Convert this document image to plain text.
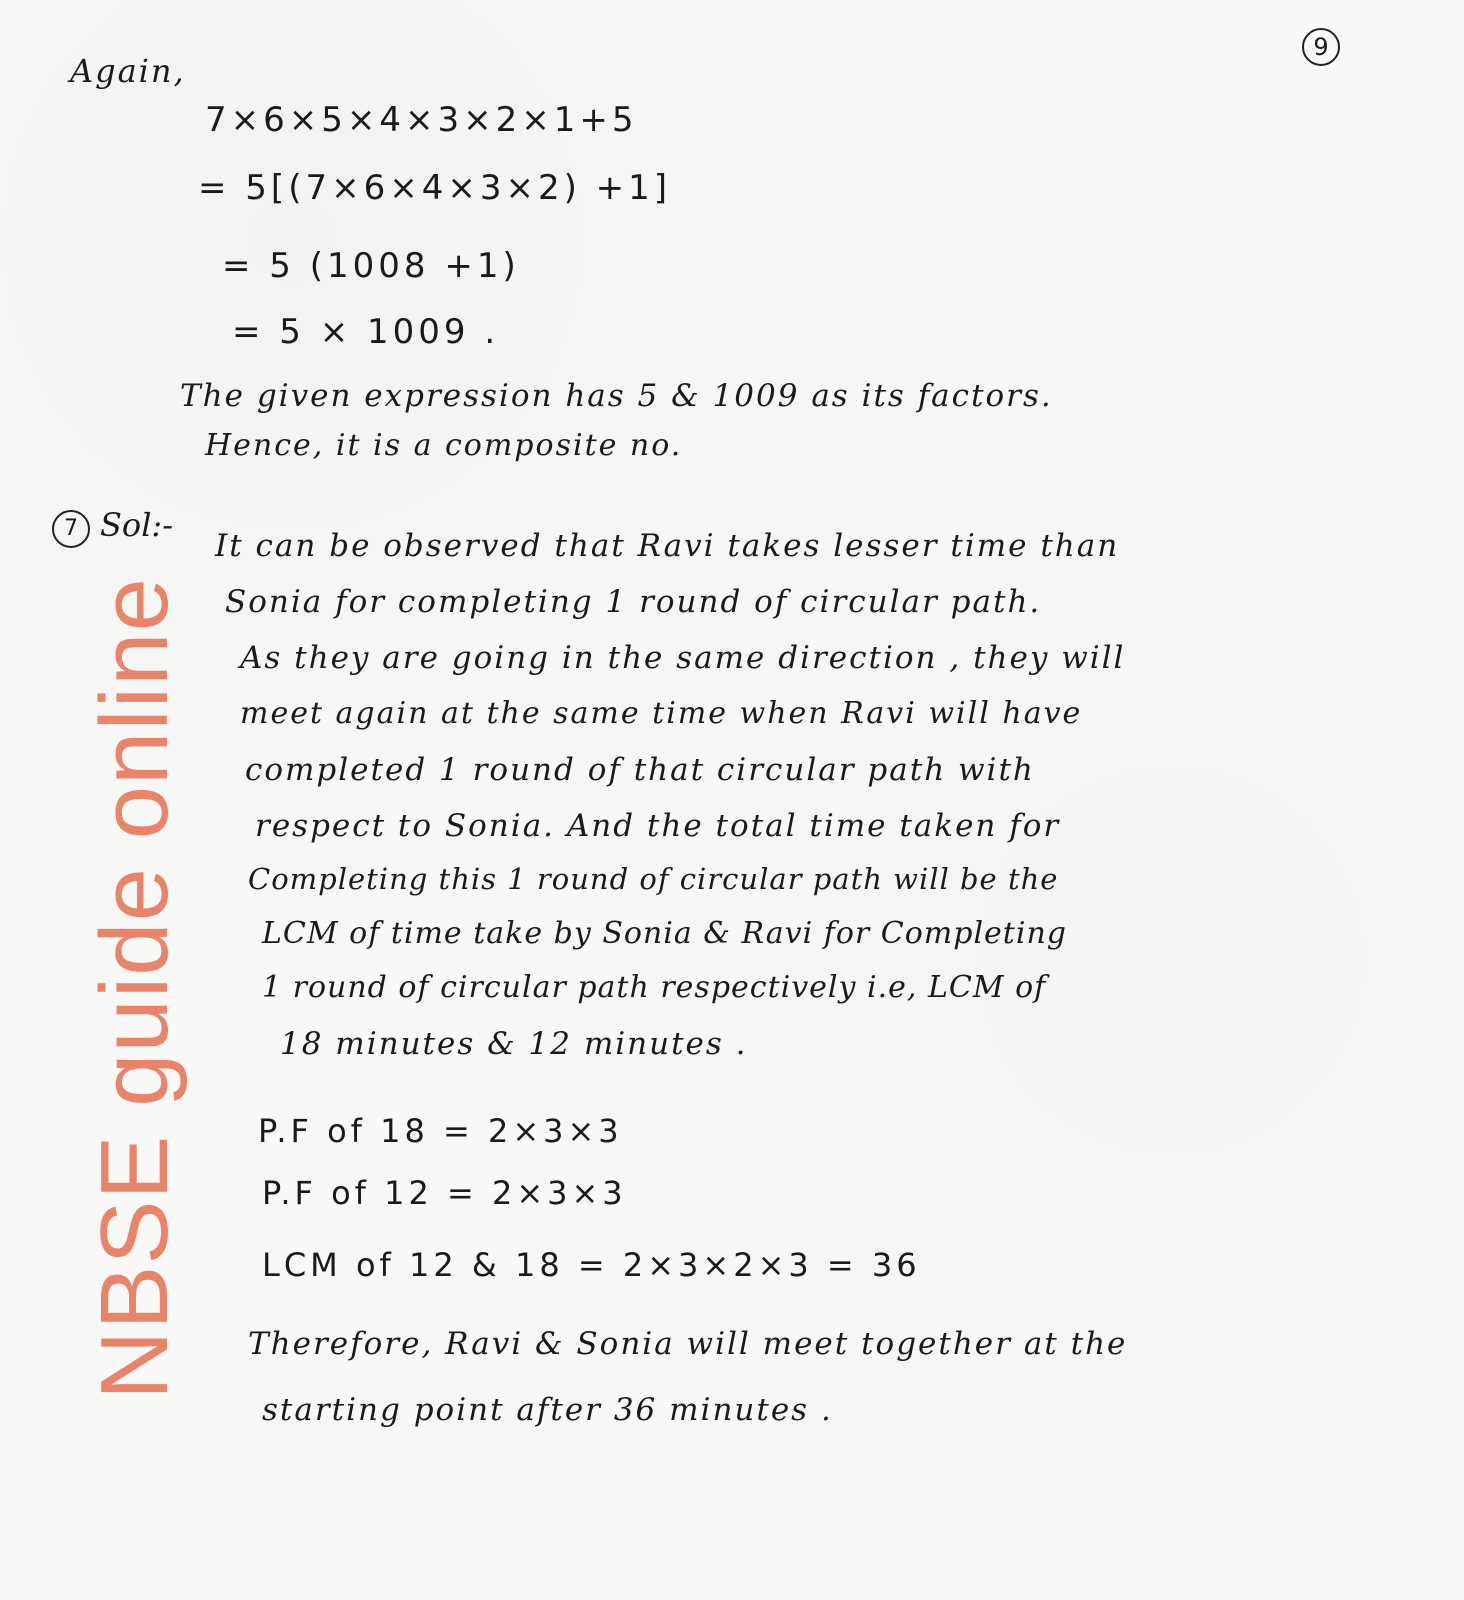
9
Again,
7×6×5×4×3×2×1+5
= 5[(7×6×4×3×2) +1]
= 5 (1008 +1)
= 5 × 1009 .
The given expression has 5 & 1009 as its factors.
Hence, it is a composite no.
7 Sol:-
It can be observed that Ravi takes lesser time than
Sonia for completing 1 round of circular path.
As they are going in the same direction , they will
meet again at the same time when Ravi will have
completed 1 round of that circular path with
respect to Sonia. And the total time taken for
Completing this 1 round of circular path will be the
LCM of time take by Sonia & Ravi for Completing
1 round of circular path respectively i.e, LCM of
18 minutes & 12 minutes .
P.F of 18 = 2×3×3
P.F of 12 = 2×3×3
LCM of 12 & 18 = 2×3×2×3 = 36
Therefore, Ravi & Sonia will meet together at the
starting point after 36 minutes .
NBSE guide online
